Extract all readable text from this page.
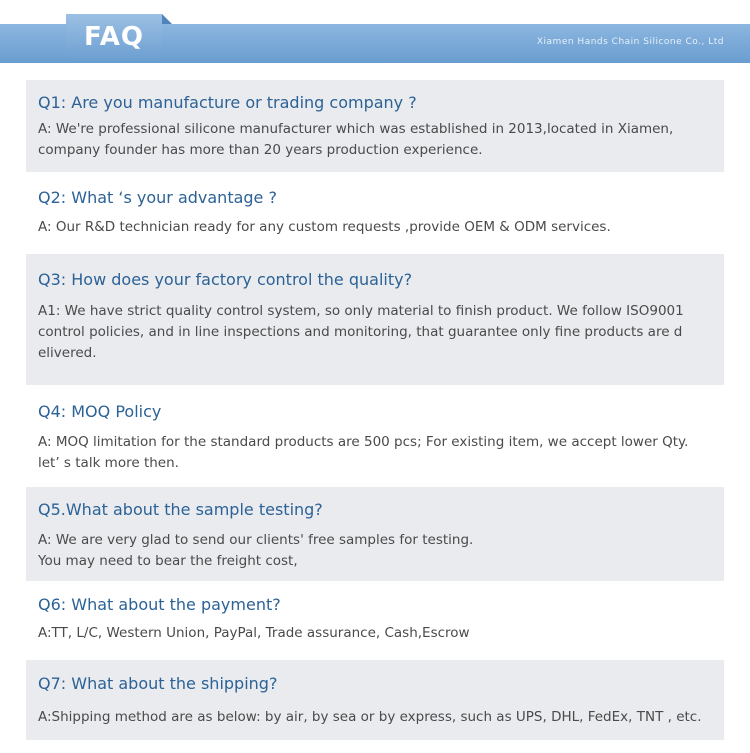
FAQ	Xiamen Hands Chain Silicone Co., Ltd

Q1: Are you manufacture or trading company ?

A: We're professional silicone manufacturer which was established in 2013,located in Xiamen, company founder has more than 20 years production experience.

Q2: What ‘s your advantage ?

A: Our R&D technician ready for any custom requests ,provide OEM & ODM services.

Q3: How does your factory control the quality?

A1: We have strict quality control system, so only material to finish product. We follow ISO9001 control policies, and in line inspections and monitoring, that guarantee only fine products are d elivered.

Q4: MOQ Policy

A: MOQ limitation for the standard products are 500 pcs; For existing item, we accept lower Qty. let’ s talk more then.

Q5.What about the sample testing?

A: We are very glad to send our clients' free samples for testing.
You may need to bear the freight cost,

Q6: What about the payment?

A:TT, L/C, Western Union, PayPal, Trade assurance, Cash,Escrow

Q7: What about the shipping?

A:Shipping method are as below: by air, by sea or by express, such as UPS, DHL, FedEx, TNT , etc.
